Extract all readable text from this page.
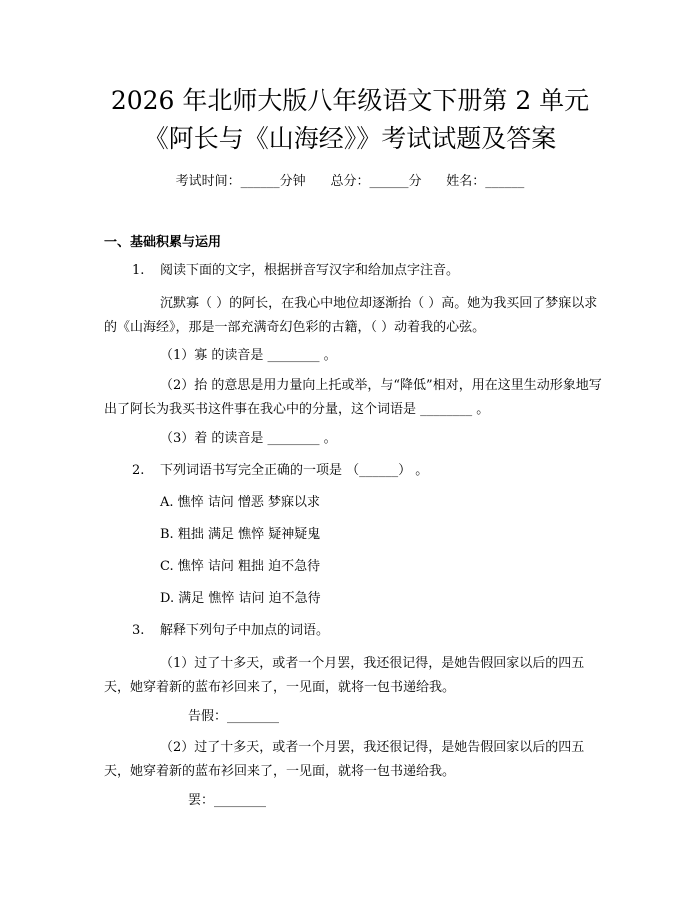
2026 年北师大版八年级语文下册第 2 单元
《阿长与《山海经》》考试试题及答案
考试时间：______分钟 总分：______分 姓名：______
一、基础积累与运用
1. 阅读下面的文字，根据拼音写汉字和给加点字注音。
沉默寡（ ）的阿长，在我心中地位却逐渐抬（ ）高。她为我买回了梦寐以求的《山海经》，那是一部充满奇幻色彩的古籍，（ ）动着我的心弦。
（1）寡 的读音是 ________ 。
（2）抬 的意思是用力量向上托或举，与“降低”相对，用在这里生动形象地写出了阿长为我买书这件事在我心中的分量，这个词语是 ________ 。
（3）着 的读音是 ________ 。
2. 下列词语书写完全正确的一项是 （______） 。
A. 憔悴 诘问 憎恶 梦寐以求
B. 粗拙 满足 憔悴 疑神疑鬼
C. 憔悴 诘问 粗拙 迫不急待
D. 满足 憔悴 诘问 迫不急待
3. 解释下列句子中加点的词语。
（1）过了十多天，或者一个月罢，我还很记得，是她告假回家以后的四五天，她穿着新的蓝布衫回来了，一见面，就将一包书递给我。
告假：________
（2）过了十多天，或者一个月罢，我还很记得，是她告假回家以后的四五天，她穿着新的蓝布衫回来了，一见面，就将一包书递给我。
罢：________
